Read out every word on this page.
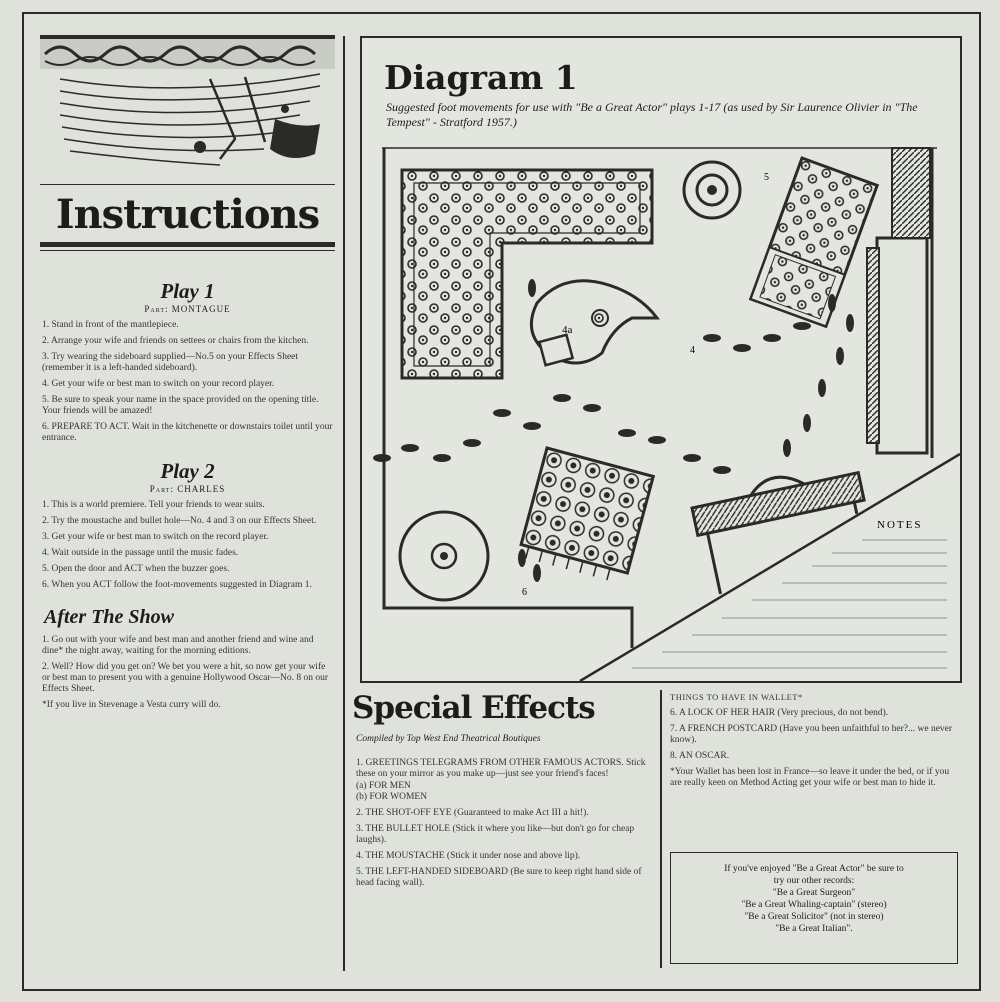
Instructions
Play 1

Part: MONTAGUE

1. Stand in front of the mantlepiece.

2. Arrange your wife and friends on settees or chairs from the kitchen.

3. Try wearing the sideboard supplied—No.5 on your Effects Sheet (remember it is a left-handed sideboard).

4. Get your wife or best man to switch on your record player.

5. Be sure to speak your name in the space provided on the opening title. Your friends will be amazed!

6. PREPARE TO ACT. Wait in the kitchenette or downstairs toilet until your entrance.

Play 2

Part: CHARLES

1. This is a world premiere. Tell your friends to wear suits.

2. Try the moustache and bullet hole—No. 4 and 3 on our Effects Sheet.

3. Get your wife or best man to switch on the record player.

4. Wait outside in the passage until the music fades.

5. Open the door and ACT when the buzzer goes.

6. When you ACT follow the foot-movements suggested in Diagram 1.

After The Show

1. Go out with your wife and best man and another friend and wine and dine* the night away, waiting for the morning editions.

2. Well? How did you get on? We bet you were a hit, so now get your wife or best man to present you with a genuine Hollywood Oscar—No. 8 on our Effects Sheet.

*If you live in Stevenage a Vesta curry will do.

Diagram 1

Suggested foot movements for use with "Be a Great Actor" plays 1-17 (as used by Sir Laurence Olivier in "The Tempest" - Stratford 1957.)

5
4a
4
6
NOTES
Special Effects

Compiled by Top West End Theatrical Boutiques

1. GREETINGS TELEGRAMS FROM OTHER FAMOUS ACTORS. Stick these on your mirror as you make up—just see your friend's faces!

(a) FOR MEN

(b) FOR WOMEN

2. THE SHOT-OFF EYE (Guaranteed to make Act III a hit!).

3. THE BULLET HOLE (Stick it where you like—but don't go for cheap laughs).

4. THE MOUSTACHE (Stick it under nose and above lip).

5. THE LEFT-HANDED SIDEBOARD (Be sure to keep right hand side of head facing wall).

THINGS TO HAVE IN WALLET*

6. A LOCK OF HER HAIR (Very precious, do not bend).

7. A FRENCH POSTCARD (Have you been unfaithful to her?... we never know).

8. AN OSCAR.

*Your Wallet has been lost in France—so leave it under the bed, or if you are really keen on Method Acting get your wife or best man to hide it.

If you've enjoyed "Be a Great Actor" be sure to

try our other records:

"Be a Great Surgeon"

"Be a Great Whaling-captain" (stereo)

"Be a Great Solicitor" (not in stereo)

"Be a Great Italian".
